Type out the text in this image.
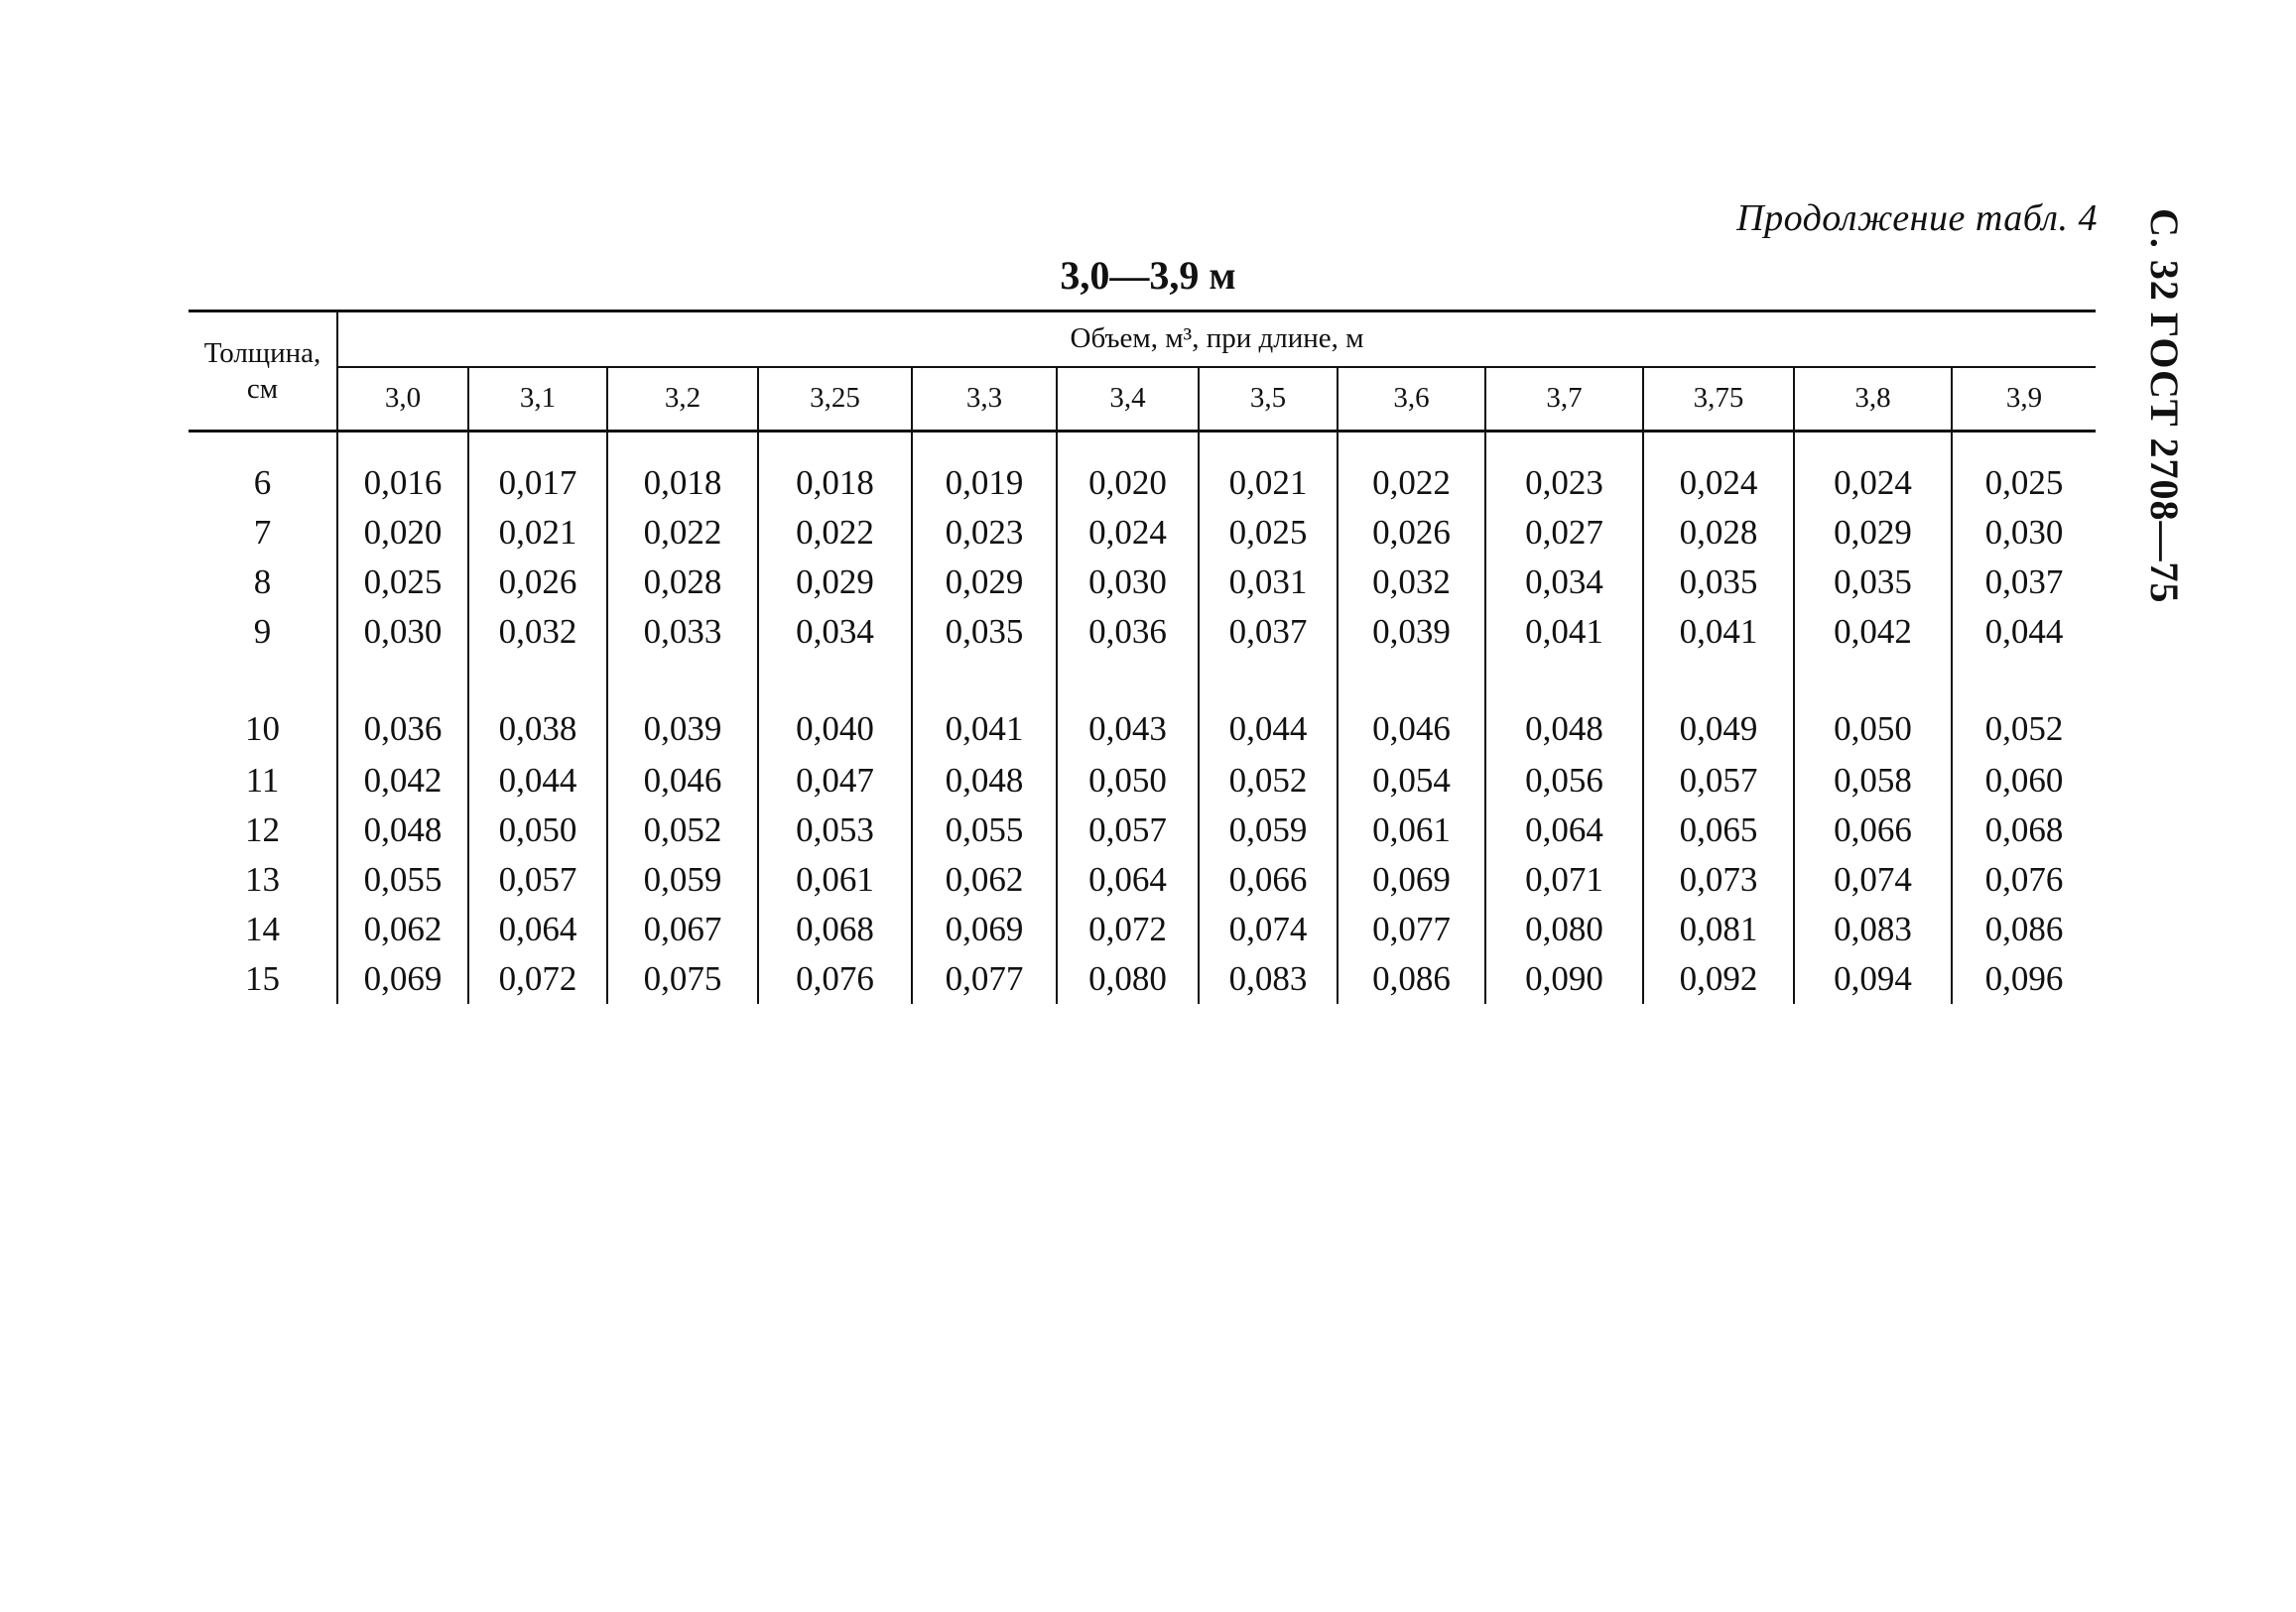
Продолжение табл. 4 С. 32 ГОСТ 2708—75
3,0—3,9 м
Толщина, см	Объем, м³, при длине, м											
	3,0	3,1	3,2	3,25	3,3	3,4	3,5	3,6	3,7	3,75	3,8	3,9
6	0,016	0,017	0,018	0,018	0,019	0,020	0,021	0,022	0,023	0,024	0,024	0,025
7	0,020	0,021	0,022	0,022	0,023	0,024	0,025	0,026	0,027	0,028	0,029	0,030
8	0,025	0,026	0,028	0,029	0,029	0,030	0,031	0,032	0,034	0,035	0,035	0,037
9	0,030	0,032	0,033	0,034	0,035	0,036	0,037	0,039	0,041	0,041	0,042	0,044
10	0,036	0,038	0,039	0,040	0,041	0,043	0,044	0,046	0,048	0,049	0,050	0,052
11	0,042	0,044	0,046	0,047	0,048	0,050	0,052	0,054	0,056	0,057	0,058	0,060
12	0,048	0,050	0,052	0,053	0,055	0,057	0,059	0,061	0,064	0,065	0,066	0,068
13	0,055	0,057	0,059	0,061	0,062	0,064	0,066	0,069	0,071	0,073	0,074	0,076
14	0,062	0,064	0,067	0,068	0,069	0,072	0,074	0,077	0,080	0,081	0,083	0,086
15	0,069	0,072	0,075	0,076	0,077	0,080	0,083	0,086	0,090	0,092	0,094	0,096
